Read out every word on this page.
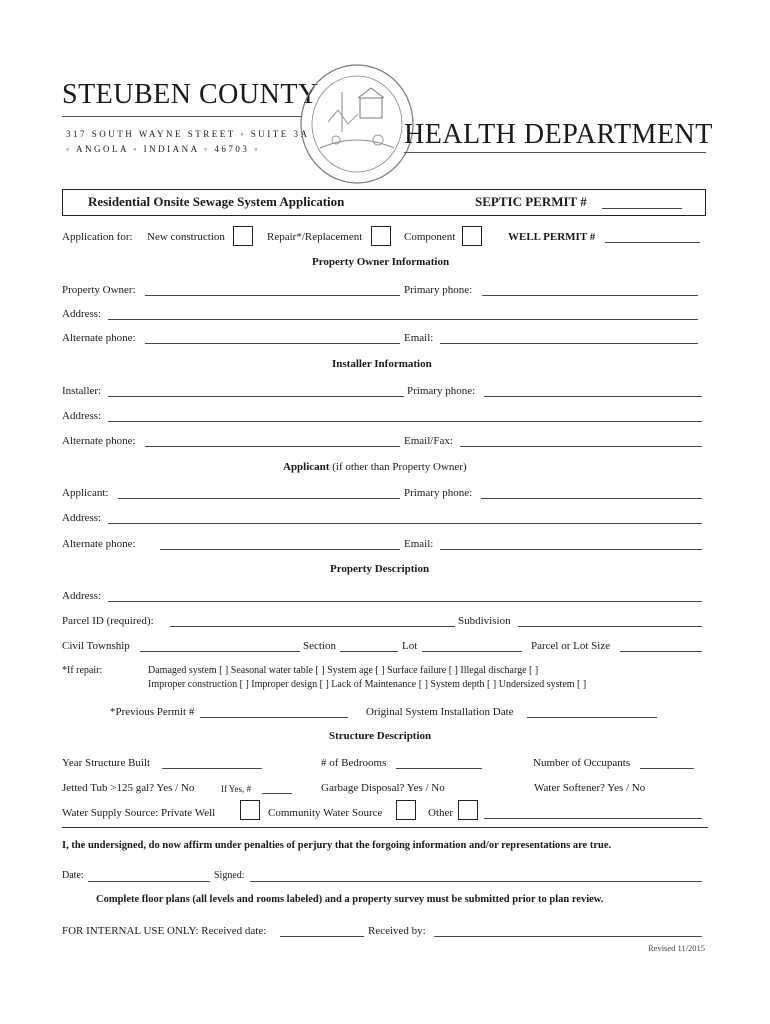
STEUBEN COUNTY
317 SOUTH WAYNE STREET ◦ SUITE 3A
◦ ANGOLA ◦ INDIANA ◦ 46703 ◦	HEALTH DEPARTMENT
Residential Onsite Sewage System Application	SEPTIC PERMIT #
Application for: New construction	Repair*/Replacement	Component	WELL PERMIT #
Property Owner Information
Property Owner:	Primary phone:
Address:
Alternate phone:	Email:
Installer Information
Installer:	Primary phone:
Address:
Alternate phone:	Email/Fax:
Applicant (if other than Property Owner)
Applicant:	Primary phone:
Address:
Alternate phone:	Email:
Property Description
Address:
Parcel ID (required):	Subdivision
Civil Township	Section	Lot	Parcel or Lot Size
*If repair:	Damaged system [ ] Seasonal water table [ ] System age [ ] Surface failure [ ] Illegal discharge [ ]
Improper construction [ ] Improper design [ ] Lack of Maintenance [ ] System depth [ ] Undersized system [ ]
*Previous Permit #	Original System Installation Date
Structure Description
Year Structure Built	# of Bedrooms	Number of Occupants
Jetted Tub >125 gal? Yes / No	If Yes, #	Garbage Disposal? Yes / No	Water Softener? Yes / No
Water Supply Source: Private Well	Community Water Source	Other
I, the undersigned, do now affirm under penalties of perjury that the forgoing information and/or representations are true.
Date:	Signed:
Complete floor plans (all levels and rooms labeled) and a property survey must be submitted prior to plan review.
FOR INTERNAL USE ONLY: Received date:	Received by:
Revised 11/2015
